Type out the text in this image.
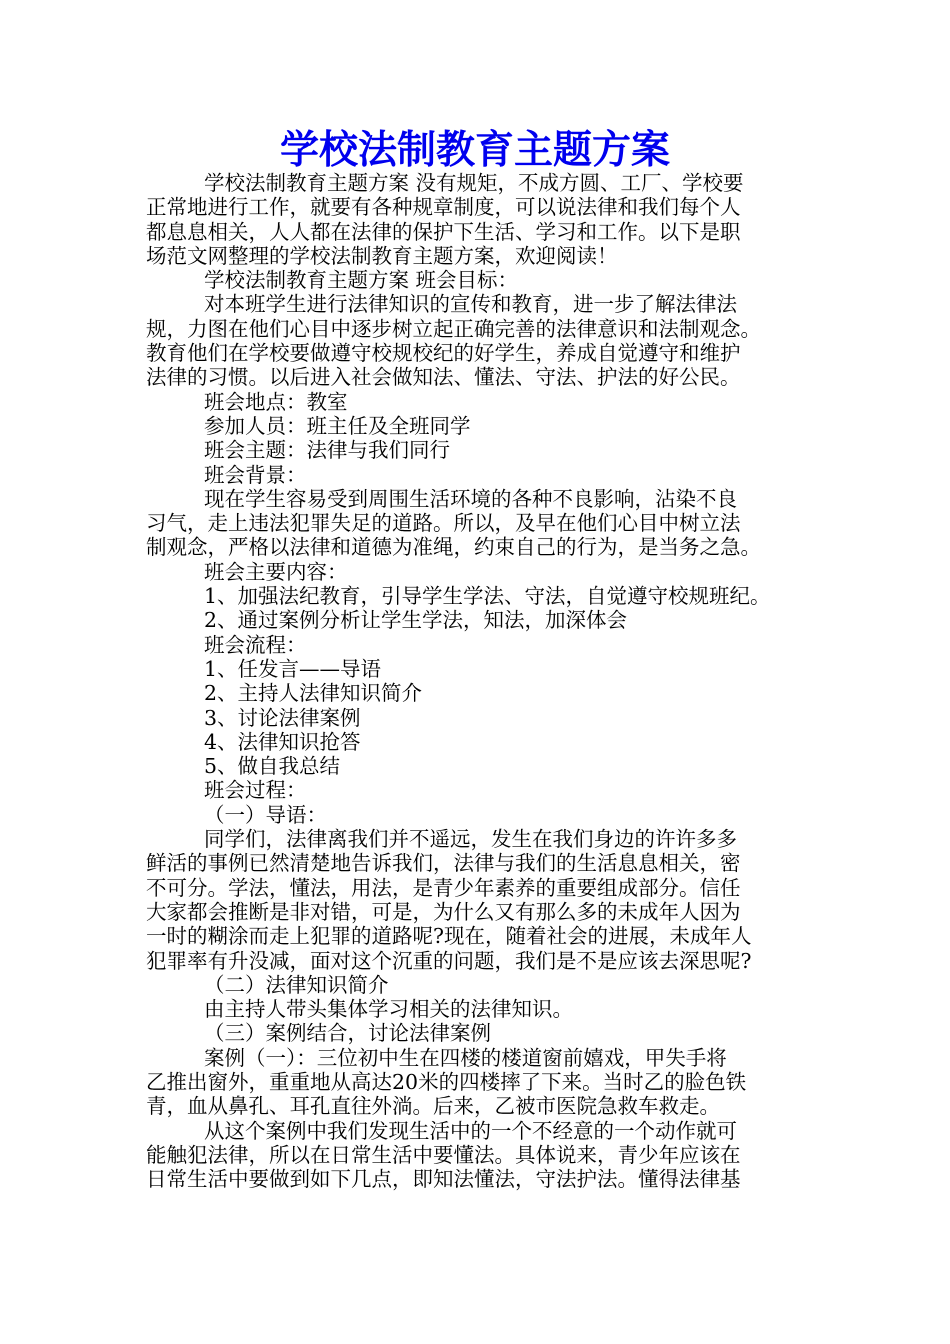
学校法制教育主题方案
学校法制教育主题方案 没有规矩，不成方圆、工厂、学校要
正常地进行工作，就要有各种规章制度，可以说法律和我们每个人
都息息相关，人人都在法律的保护下生活、学习和工作。以下是职
场范文网整理的学校法制教育主题方案，欢迎阅读！
学校法制教育主题方案 班会目标：
对本班学生进行法律知识的宣传和教育，进一步了解法律法
规，力图在他们心目中逐步树立起正确完善的法律意识和法制观念。
教育他们在学校要做遵守校规校纪的好学生，养成自觉遵守和维护
法律的习惯。以后进入社会做知法、懂法、守法、护法的好公民。
班会地点：教室
参加人员：班主任及全班同学
班会主题：法律与我们同行
班会背景：
现在学生容易受到周围生活环境的各种不良影响，沾染不良
习气，走上违法犯罪失足的道路。所以，及早在他们心目中树立法
制观念，严格以法律和道德为准绳，约束自己的行为，是当务之急。
班会主要内容：
1、加强法纪教育，引导学生学法、守法，自觉遵守校规班纪。
2、通过案例分析让学生学法，知法，加深体会
班会流程：
1、任发言——导语
2、主持人法律知识简介
3、讨论法律案例
4、法律知识抢答
5、做自我总结
班会过程：
（一）导语：
同学们，法律离我们并不遥远，发生在我们身边的许许多多
鲜活的事例已然清楚地告诉我们，法律与我们的生活息息相关，密
不可分。学法，懂法，用法，是青少年素养的重要组成部分。信任
大家都会推断是非对错，可是，为什么又有那么多的未成年人因为
一时的糊涂而走上犯罪的道路呢?现在，随着社会的进展，未成年人
犯罪率有升没减，面对这个沉重的问题，我们是不是应该去深思呢?
（二）法律知识简介
由主持人带头集体学习相关的法律知识。
（三）案例结合，讨论法律案例
案例（一）：三位初中生在四楼的楼道窗前嬉戏，甲失手将
乙推出窗外，重重地从高达20米的四楼摔了下来。当时乙的脸色铁
青，血从鼻孔、耳孔直往外淌。后来，乙被市医院急救车救走。
从这个案例中我们发现生活中的一个不经意的一个动作就可
能触犯法律，所以在日常生活中要懂法。具体说来，青少年应该在
日常生活中要做到如下几点，即知法懂法，守法护法。懂得法律基
